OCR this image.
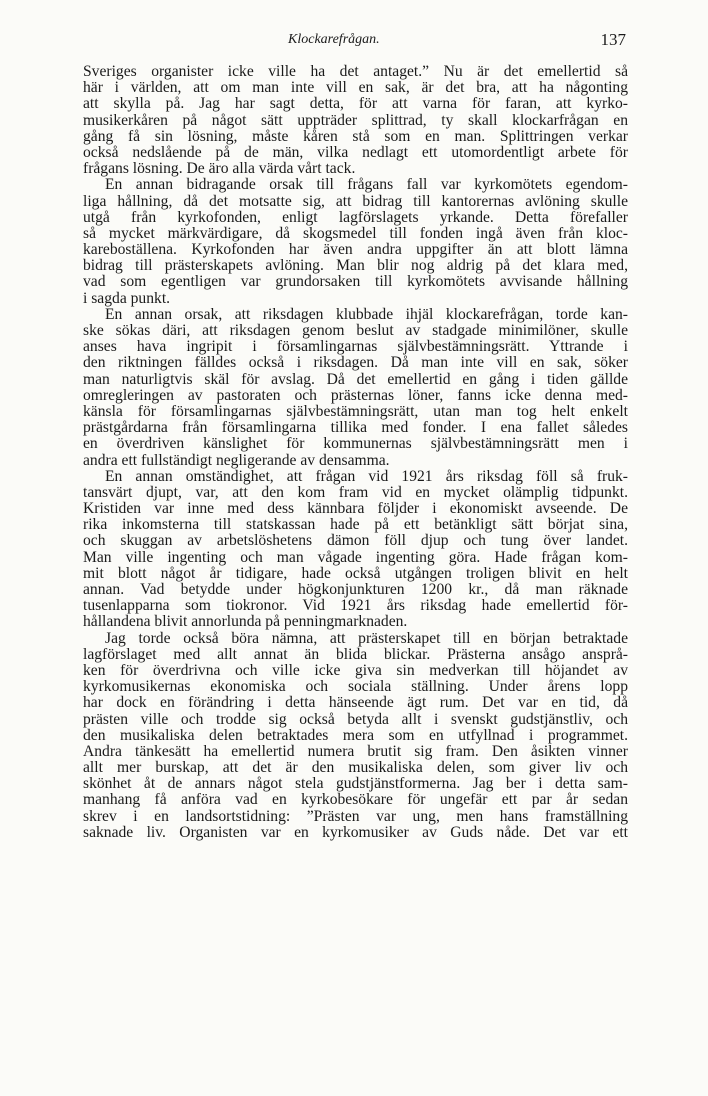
Klockarefrågan.	137
Sveriges organister icke ville ha det antaget.” Nu är det emellertid så
här i världen, att om man inte vill en sak, är det bra, att ha någonting
att skylla på. Jag har sagt detta, för att varna för faran, att kyrko-
musikerkåren på något sätt uppträder splittrad, ty skall klockarfrågan en
gång få sin lösning, måste kåren stå som en man. Splittringen verkar
också nedslående på de män, vilka nedlagt ett utomordentligt arbete för
frågans lösning. De äro alla värda vårt tack.
En annan bidragande orsak till frågans fall var kyrkomötets egendom-
liga hållning, då det motsatte sig, att bidrag till kantorernas avlöning skulle
utgå från kyrkofonden, enligt lagförslagets yrkande. Detta förefaller
så mycket märkvärdigare, då skogsmedel till fonden ingå även från kloc-
kareboställena. Kyrkofonden har även andra uppgifter än att blott lämna
bidrag till prästerskapets avlöning. Man blir nog aldrig på det klara med,
vad som egentligen var grundorsaken till kyrkomötets avvisande hållning
i sagda punkt.
En annan orsak, att riksdagen klubbade ihjäl klockarefrågan, torde kan-
ske sökas däri, att riksdagen genom beslut av stadgade minimilöner, skulle
anses hava ingripit i församlingarnas självbestämningsrätt. Yttrande i
den riktningen fälldes också i riksdagen. Då man inte vill en sak, söker
man naturligtvis skäl för avslag. Då det emellertid en gång i tiden gällde
omregleringen av pastoraten och prästernas löner, fanns icke denna med-
känsla för församlingarnas självbestämningsrätt, utan man tog helt enkelt
prästgårdarna från församlingarna tillika med fonder. I ena fallet således
en överdriven känslighet för kommunernas självbestämningsrätt men i
andra ett fullständigt negligerande av densamma.
En annan omständighet, att frågan vid 1921 års riksdag föll så fruk-
tansvärt djupt, var, att den kom fram vid en mycket olämplig tidpunkt.
Kristiden var inne med dess kännbara följder i ekonomiskt avseende. De
rika inkomsterna till statskassan hade på ett betänkligt sätt börjat sina,
och skuggan av arbetslöshetens dämon föll djup och tung över landet.
Man ville ingenting och man vågade ingenting göra. Hade frågan kom-
mit blott något år tidigare, hade också utgången troligen blivit en helt
annan. Vad betydde under högkonjunkturen 1200 kr., då man räknade
tusenlapparna som tiokronor. Vid 1921 års riksdag hade emellertid för-
hållandena blivit annorlunda på penningmarknaden.
Jag torde också böra nämna, att prästerskapet till en början betraktade
lagförslaget med allt annat än blida blickar. Prästerna ansågo ansprå-
ken för överdrivna och ville icke giva sin medverkan till höjandet av
kyrkomusikernas ekonomiska och sociala ställning. Under årens lopp
har dock en förändring i detta hänseende ägt rum. Det var en tid, då
prästen ville och trodde sig också betyda allt i svenskt gudstjänstliv, och
den musikaliska delen betraktades mera som en utfyllnad i programmet.
Andra tänkesätt ha emellertid numera brutit sig fram. Den åsikten vinner
allt mer burskap, att det är den musikaliska delen, som giver liv och
skönhet åt de annars något stela gudstjänstformerna. Jag ber i detta sam-
manhang få anföra vad en kyrkobesökare för ungefär ett par år sedan
skrev i en landsortstidning: ”Prästen var ung, men hans framställning
saknade liv. Organisten var en kyrkomusiker av Guds nåde. Det var ett
